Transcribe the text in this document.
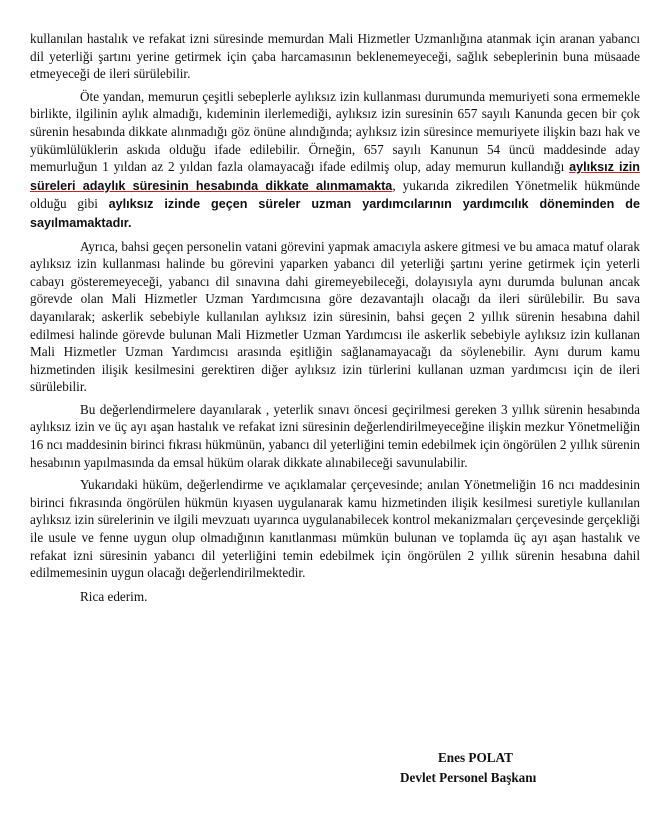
kullanılan hastalık ve refakat izni süresinde memurdan Mali Hizmetler Uzmanlığına atanmak için aranan yabancı dil yeterliği şartını yerine getirmek için çaba harcamasının beklenemeyeceği, sağlık sebeplerinin buna müsaade etmeyeceği de ileri sürülebilir.

Öte yandan, memurun çeşitli sebeplerle aylıksız izin kullanması durumunda memuriyeti sona ermemekle birlikte, ilgilinin aylık almadığı, kıdeminin ilerlemediği, aylıksız izin suresinin 657 sayılı Kanunda gecen bir çok sürenin hesabında dikkate alınmadığı göz önüne alındığında; aylıksız izin süresince memuriyete ilişkin bazı hak ve yükümlülüklerin askıda olduğu ifade edilebilir. Örneğin, 657 sayılı Kanunun 54 üncü maddesinde aday memurluğun 1 yıldan az 2 yıldan fazla olamayacağı ifade edilmiş olup, aday memurun kullandığı aylıksız izin süreleri adaylık süresinin hesabında dikkate alınmamakta, yukarıda zikredilen Yönetmelik hükmünde olduğu gibi aylıksız izinde geçen süreler uzman yardımcılarının yardımcılık döneminden de sayılmamaktadır.

Ayrıca, bahsi geçen personelin vatani görevini yapmak amacıyla askere gitmesi ve bu amaca matuf olarak aylıksız izin kullanması halinde bu görevini yaparken yabancı dil yeterliği şartını yerine getirmek için yeterli cabayı gösteremeyeceği, yabancı dil sınavına dahi giremeyebileceği, dolayısıyla aynı durumda bulunan ancak görevde olan Mali Hizmetler Uzman Yardımcısına göre dezavantajlı olacağı da ileri sürülebilir. Bu sava dayanılarak; askerlik sebebiyle kullanılan aylıksız izin süresinin, bahsi geçen 2 yıllık sürenin hesabına dahil edilmesi halinde görevde bulunan Mali Hizmetler Uzman Yardımcısı ile askerlik sebebiyle aylıksız izin kullanan Mali Hizmetler Uzman Yardımcısı arasında eşitliğin sağlanamayacağı da söylenebilir. Aynı durum kamu hizmetinden ilişik kesilmesini gerektiren diğer aylıksız izin türlerini kullanan uzman yardımcısı için de ileri sürülebilir.

Bu değerlendirmelere dayanılarak , yeterlik sınavı öncesi geçirilmesi gereken 3 yıllık sürenin hesabında aylıksız izin ve üç ayı aşan hastalık ve refakat izni süresinin değerlendirilmeyeceğine ilişkin mezkur Yönetmeliğin 16 ncı maddesinin birinci fıkrası hükmünün, yabancı dil yeterliğini temin edebilmek için öngörülen 2 yıllık sürenin hesabının yapılmasında da emsal hüküm olarak dikkate alınabileceği savunulabilir.

Yukarıdaki hüküm, değerlendirme ve açıklamalar çerçevesinde; anılan Yönetmeliğin 16 ncı maddesinin birinci fıkrasında öngörülen hükmün kıyasen uygulanarak kamu hizmetinden ilişik kesilmesi suretiyle kullanılan aylıksız izin sürelerinin ve ilgili mevzuatı uyarınca uygulanabilecek kontrol mekanizmaları çerçevesinde gerçekliği ile usule ve fenne uygun olup olmadığının kanıtlanması mümkün bulunan ve toplamda üç ayı aşan hastalık ve refakat izni süresinin yabancı dil yeterliğini temin edebilmek için öngörülen 2 yıllık sürenin hesabına dahil edilmemesinin uygun olacağı değerlendirilmektedir.

Rica ederim.

Enes POLAT
Devlet Personel Başkanı
